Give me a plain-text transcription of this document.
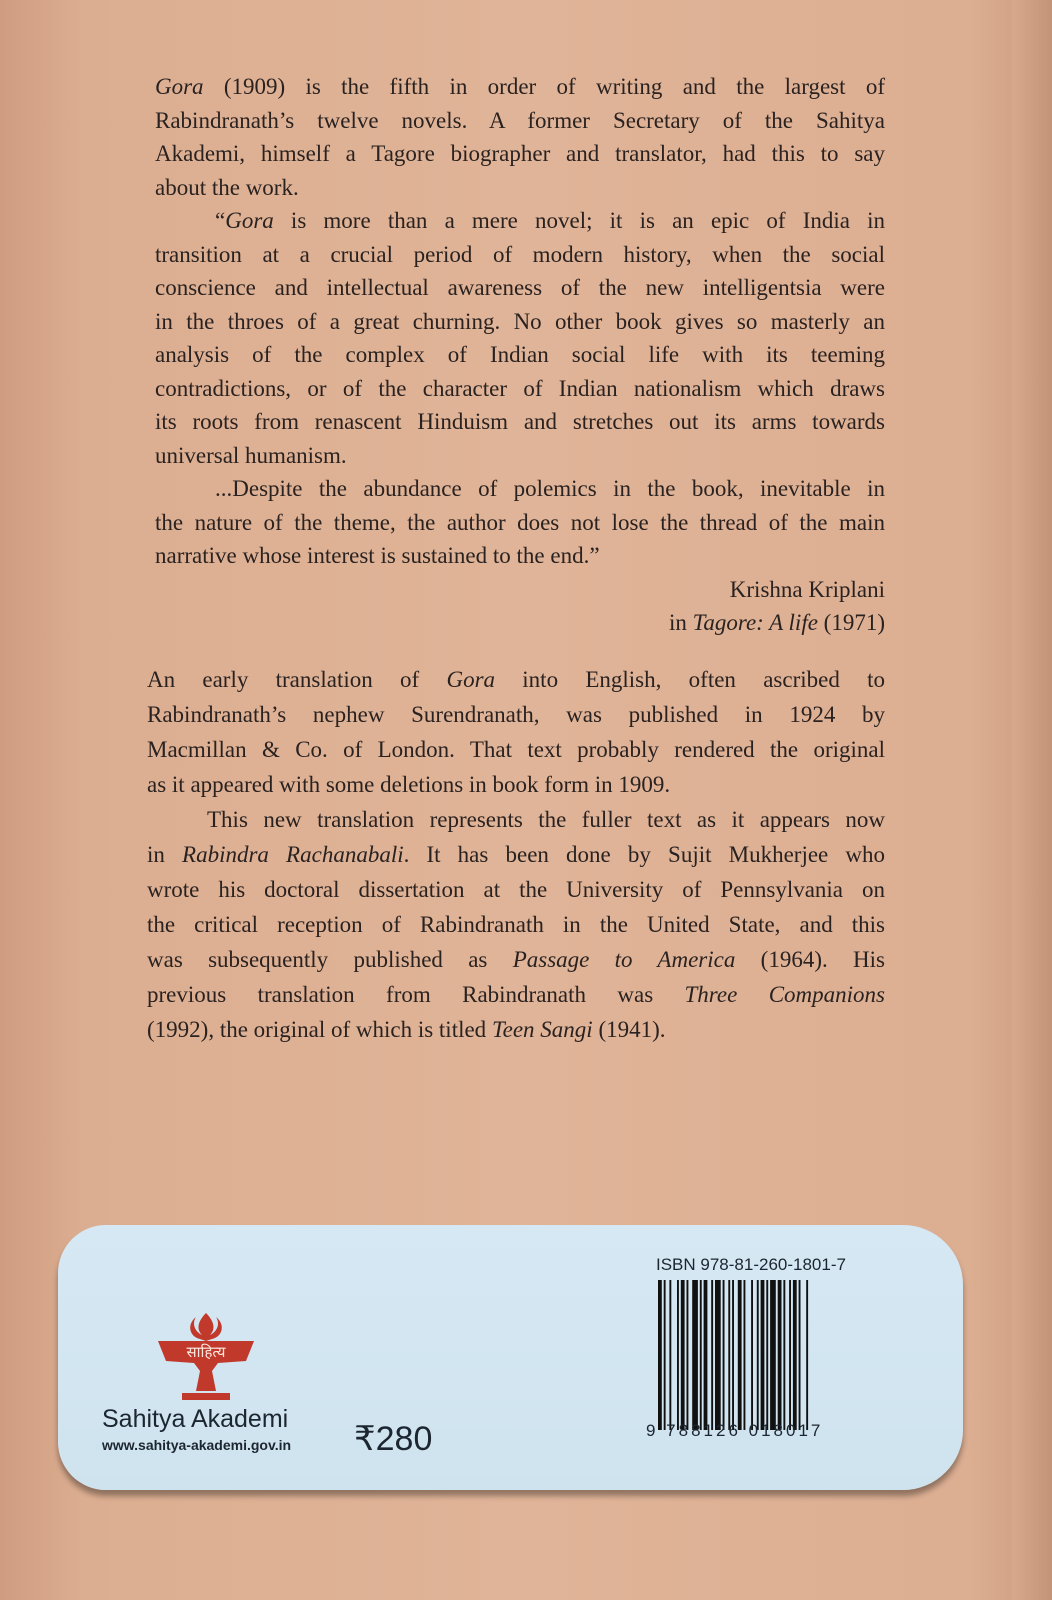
Gora (1909) is the fifth in order of writing and the largest of
Rabindranath’s twelve novels. A former Secretary of the Sahitya
Akademi, himself a Tagore biographer and translator, had this to say
about the work.
“Gora is more than a mere novel; it is an epic of India in
transition at a crucial period of modern history, when the social
conscience and intellectual awareness of the new intelligentsia were
in the throes of a great churning. No other book gives so masterly an
analysis of the complex of Indian social life with its teeming
contradictions, or of the character of Indian nationalism which draws
its roots from renascent Hinduism and stretches out its arms towards
universal humanism.
...Despite the abundance of polemics in the book, inevitable in
the nature of the theme, the author does not lose the thread of the main
narrative whose interest is sustained to the end.”
Krishna Kriplani
in Tagore: A life (1971)
An early translation of Gora into English, often ascribed to
Rabindranath’s nephew Surendranath, was published in 1924 by
Macmillan & Co. of London. That text probably rendered the original
as it appeared with some deletions in book form in 1909.
This new translation represents the fuller text as it appears now
in Rabindra Rachanabali. It has been done by Sujit Mukherjee who
wrote his doctoral dissertation at the University of Pennsylvania on
the critical reception of Rabindranath in the United State, and this
was subsequently published as Passage to America (1964). His
previous translation from Rabindranath was Three Companions
(1992), the original of which is titled Teen Sangi (1941).
साहित्य
Sahitya Akademi
www.sahitya-akademi.gov.in ₹280
ISBN 978-81-260-1801-7
9 788126 018017
